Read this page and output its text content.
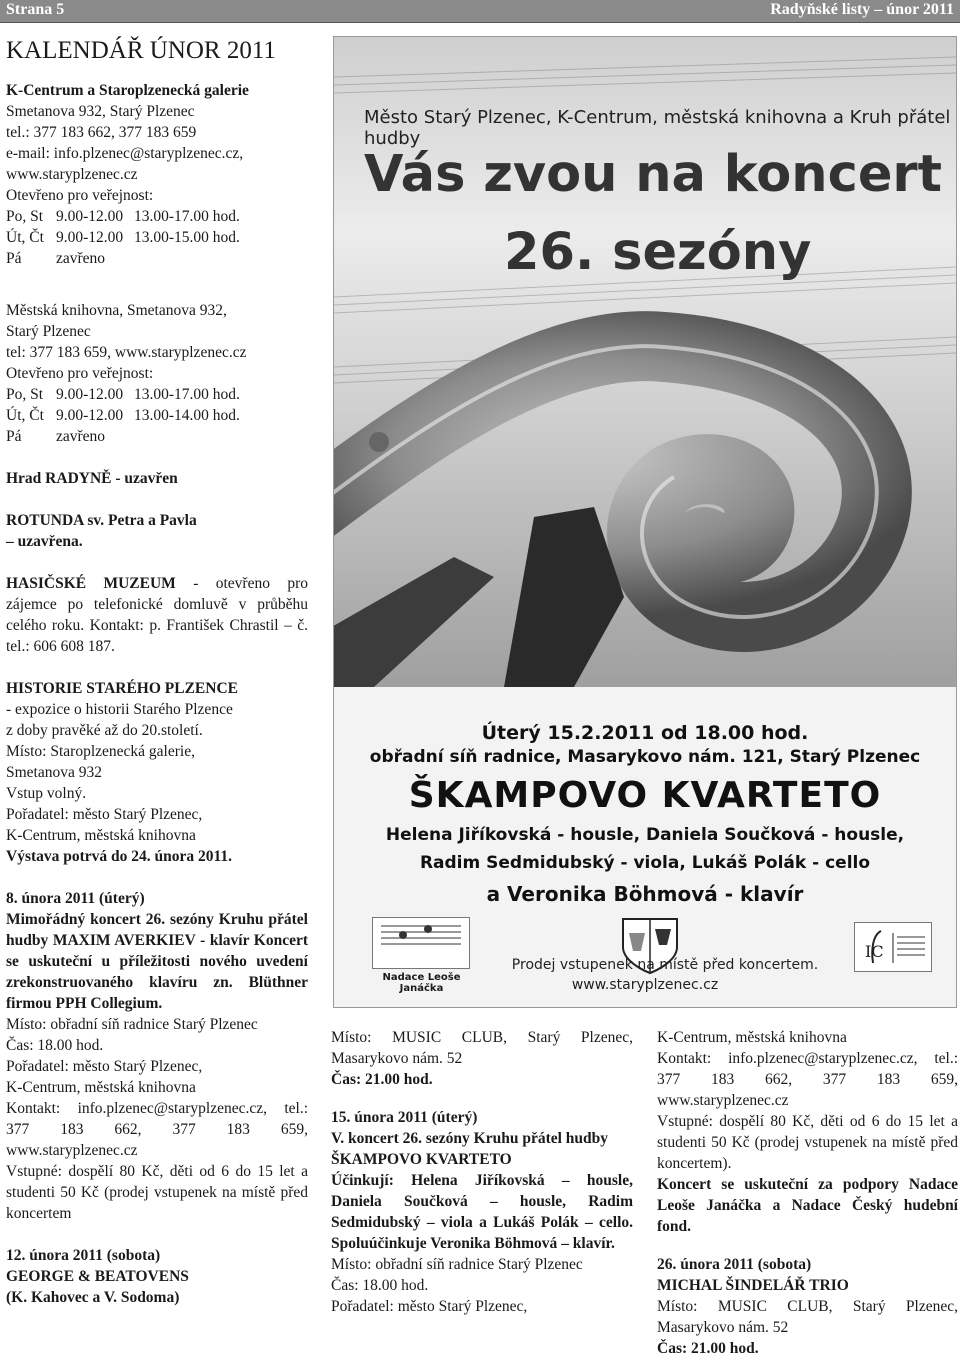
Strana 5	Radyňské listy – únor 2011

KALENDÁŘ ÚNOR 2011

K-Centrum a Staroplzenecká galerie

Smetanova 932, Starý Plzenec

tel.: 377 183 662, 377 183 659

e-mail: info.plzenec@staryplzenec.cz,

www.staryplzenec.cz

Otevřeno pro veřejnost:

Po, St 9.00-12.00 13.00-17.00 hod.
Út, Čt 9.00-12.00 13.00-15.00 hod.
Pá	zavřeno

Městská knihovna, Smetanova 932,

Starý Plzenec

tel: 377 183 659, www.staryplzenec.cz

Otevřeno pro veřejnost:

Po, St 9.00-12.00 13.00-17.00 hod.
Út, Čt 9.00-12.00 13.00-14.00 hod.
Pá	zavřeno

Hrad RADYNĚ - uzavřen

ROTUNDA sv. Petra a Pavla

– uzavřena.

HASIČSKÉ MUZEUM - otevřeno pro zájemce po telefonické domluvě v průběhu celého roku. Kontakt: p. František Chrastil – č. tel.: 606 608 187.

HISTORIE STARÉHO PLZENCE

- expozice o historii Starého Plzence

z doby pravěké až do 20.století.

Místo: Staroplzenecká galerie,

Smetanova 932

Vstup volný.

Pořadatel: město Starý Plzenec,

K-Centrum, městská knihovna

Výstava potrvá do 24. února 2011.

8. února 2011 (úterý)

Mimořádný koncert 26. sezóny Kruhu přátel hudby MAXIM AVERKIEV - klavír Koncert se uskuteční u příležitosti nového uvedení zrekonstruovaného klavíru zn. Blüthner firmou PPH Collegium.

Místo: obřadní síň radnice Starý Plzenec

Čas: 18.00 hod.

Pořadatel: město Starý Plzenec,

K-Centrum, městská knihovna

Kontakt: info.plzenec@staryplzenec.cz, tel.: 377 183 662, 377 183 659, www.staryplzenec.cz

Vstupné: dospělí 80 Kč, děti od 6 do 15 let a studenti 50 Kč (prodej vstupenek na místě před koncertem

12. února 2011 (sobota)

GEORGE & BEATOVENS

(K. Kahovec a V. Sodoma)

Město Starý Plzenec, K-Centrum, městská knihovna a Kruh přátel hudby
Vás zvou na koncert
26. sezóny
Úterý 15.2.2011 od 18.00 hod.
obřadní síň radnice, Masarykovo nám. 121, Starý Plzenec
ŠKAMPOVO KVARTETO
Helena Jiříkovská - housle, Daniela Součková - housle,
Radim Sedmidubský - viola, Lukáš Polák - cello
a Veronika Böhmová - klavír
Nadace Leoše Janáčka
IC
Prodej vstupenek na místě před koncertem.
www.staryplzenec.cz

Místo: MUSIC CLUB, Starý Plzenec, Masarykovo nám. 52

Čas: 21.00 hod.

15. února 2011 (úterý)

V. koncert 26. sezóny Kruhu přátel hudby

ŠKAMPOVO KVARTETO

Účinkují: Helena Jiříkovská – housle, Daniela Součková – housle, Radim Sedmidubský – viola a Lukáš Polák – cello. Spoluúčinkuje Veronika Böhmová – klavír.

Místo: obřadní síň radnice Starý Plzenec

Čas: 18.00 hod.

Pořadatel: město Starý Plzenec,

K-Centrum, městská knihovna

Kontakt: info.plzenec@staryplzenec.cz, tel.: 377 183 662, 377 183 659, www.staryplzenec.cz

Vstupné: dospělí 80 Kč, děti od 6 do 15 let a studenti 50 Kč (prodej vstupenek na místě před koncertem).

Koncert se uskuteční za podpory Nadace Leoše Janáčka a Nadace Český hudební fond.

26. února 2011 (sobota)

MICHAL ŠINDELÁŘ TRIO

Místo: MUSIC CLUB, Starý Plzenec, Masarykovo nám. 52

Čas: 21.00 hod.
